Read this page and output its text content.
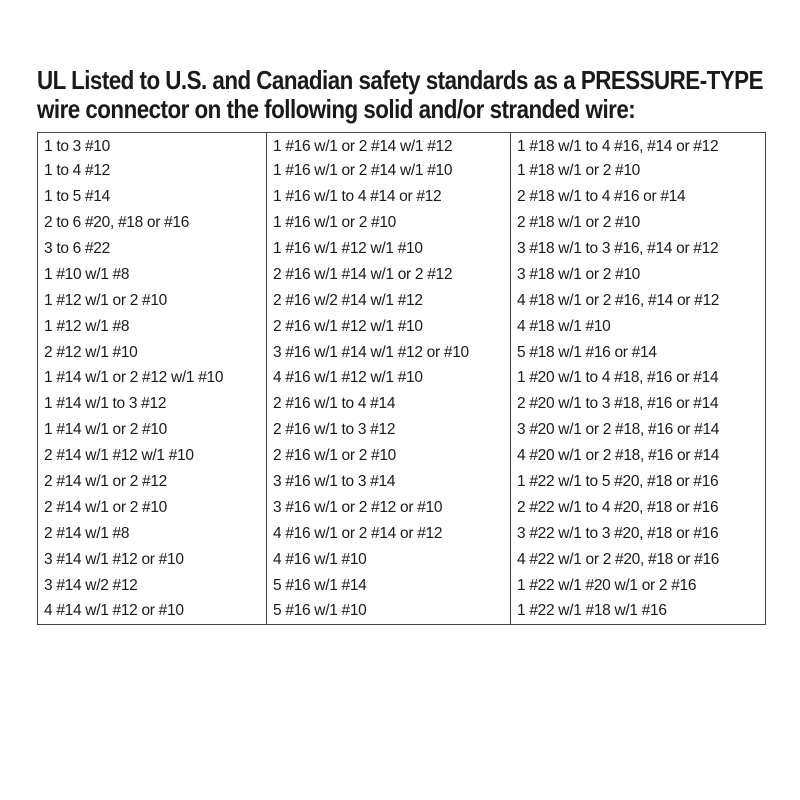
UL Listed to U.S. and Canadian safety standards as a PRESSURE-TYPE
wire connector on the following solid and/or stranded wire:
1 to 3 #10	1 #16 w/1 or 2 #14 w/1 #12	1 #18 w/1 to 4 #16, #14 or #12
1 to 4 #12	1 #16 w/1 or 2 #14 w/1 #10	1 #18 w/1 or 2 #10
1 to 5 #14	1 #16 w/1 to 4 #14 or #12	2 #18 w/1 to 4 #16 or #14
2 to 6 #20, #18 or #16	1 #16 w/1 or 2 #10	2 #18 w/1 or 2 #10
3 to 6 #22	1 #16 w/1 #12 w/1 #10	3 #18 w/1 to 3 #16, #14 or #12
1 #10 w/1 #8	2 #16 w/1 #14 w/1 or 2 #12	3 #18 w/1 or 2 #10
1 #12 w/1 or 2 #10	2 #16 w/2 #14 w/1 #12	4 #18 w/1 or 2 #16, #14 or #12
1 #12 w/1 #8	2 #16 w/1 #12 w/1 #10	4 #18 w/1 #10
2 #12 w/1 #10	3 #16 w/1 #14 w/1 #12 or #10	5 #18 w/1 #16 or #14
1 #14 w/1 or 2 #12 w/1 #10	4 #16 w/1 #12 w/1 #10	1 #20 w/1 to 4 #18, #16 or #14
1 #14 w/1 to 3 #12	2 #16 w/1 to 4 #14	2 #20 w/1 to 3 #18, #16 or #14
1 #14 w/1 or 2 #10	2 #16 w/1 to 3 #12	3 #20 w/1 or 2 #18, #16 or #14
2 #14 w/1 #12 w/1 #10	2 #16 w/1 or 2 #10	4 #20 w/1 or 2 #18, #16 or #14
2 #14 w/1 or 2 #12	3 #16 w/1 to 3 #14	1 #22 w/1 to 5 #20, #18 or #16
2 #14 w/1 or 2 #10	3 #16 w/1 or 2 #12 or #10	2 #22 w/1 to 4 #20, #18 or #16
2 #14 w/1 #8	4 #16 w/1 or 2 #14 or #12	3 #22 w/1 to 3 #20, #18 or #16
3 #14 w/1 #12 or #10	4 #16 w/1 #10	4 #22 w/1 or 2 #20, #18 or #16
3 #14 w/2 #12	5 #16 w/1 #14	1 #22 w/1 #20 w/1 or 2 #16
4 #14 w/1 #12 or #10	5 #16 w/1 #10	1 #22 w/1 #18 w/1 #16
